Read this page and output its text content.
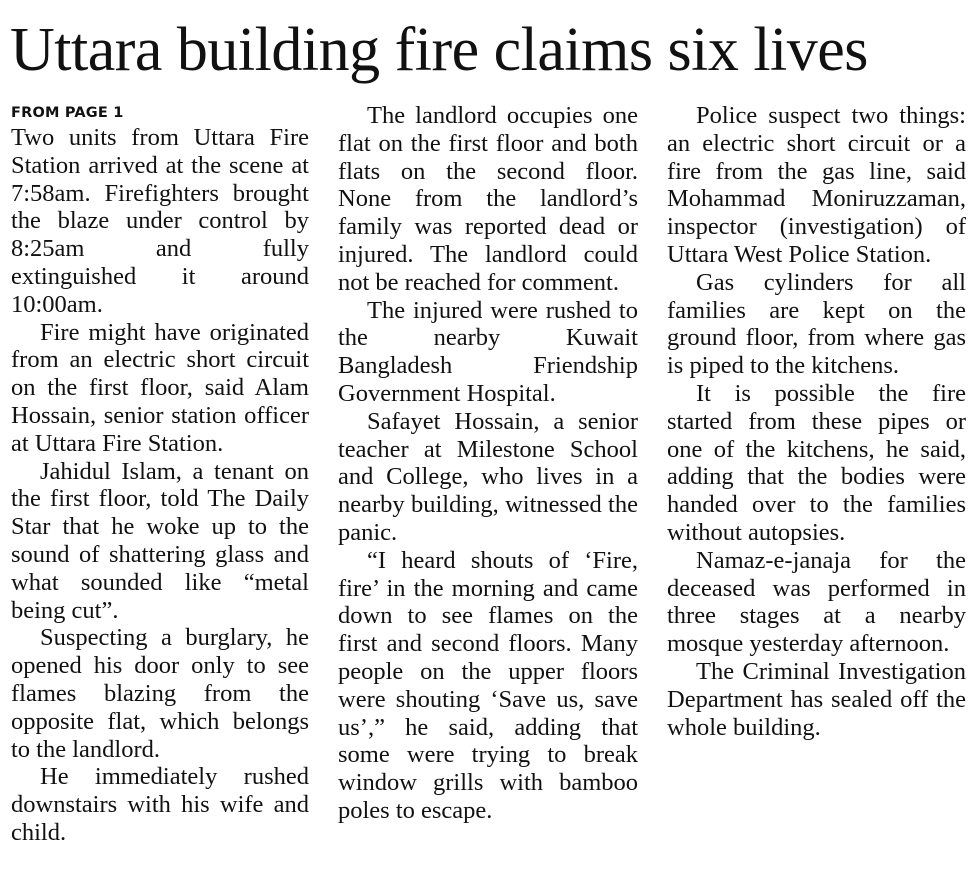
Uttara building fire claims six lives
FROM PAGE 1

Two units from Uttara Fire Station arrived at the scene at 7:58am. Firefighters brought the blaze under control by 8:25am and fully extinguished it around 10:00am.

Fire might have originated from an electric short circuit on the first floor, said Alam Hossain, senior station officer at Uttara Fire Station.

Jahidul Islam, a tenant on the first floor, told The Daily Star that he woke up to the sound of shattering glass and what sounded like “metal being cut”.

Suspecting a burglary, he opened his door only to see flames blazing from the opposite flat, which belongs to the landlord.

He immediately rushed downstairs with his wife and child.

The landlord occupies one flat on the first floor and both flats on the second floor. None from the landlord’s family was reported dead or injured. The landlord could not be reached for comment.

The injured were rushed to the nearby Kuwait Bangladesh Friendship Government Hospital.

Safayet Hossain, a senior teacher at Milestone School and College, who lives in a nearby building, witnessed the panic.

“I heard shouts of ‘Fire, fire’ in the morning and came down to see flames on the first and second floors. Many people on the upper floors were shouting ‘Save us, save us’,” he said, adding that some were trying to break window grills with bamboo poles to escape.

Police suspect two things: an electric short circuit or a fire from the gas line, said Mohammad Moniruzzaman, inspector (investigation) of Uttara West Police Station.

Gas cylinders for all families are kept on the ground floor, from where gas is piped to the kitchens.

It is possible the fire started from these pipes or one of the kitchens, he said, adding that the bodies were handed over to the families without autopsies.

Namaz-e-janaja for the deceased was performed in three stages at a nearby mosque yesterday afternoon.

The Criminal Investigation Department has sealed off the whole building.
